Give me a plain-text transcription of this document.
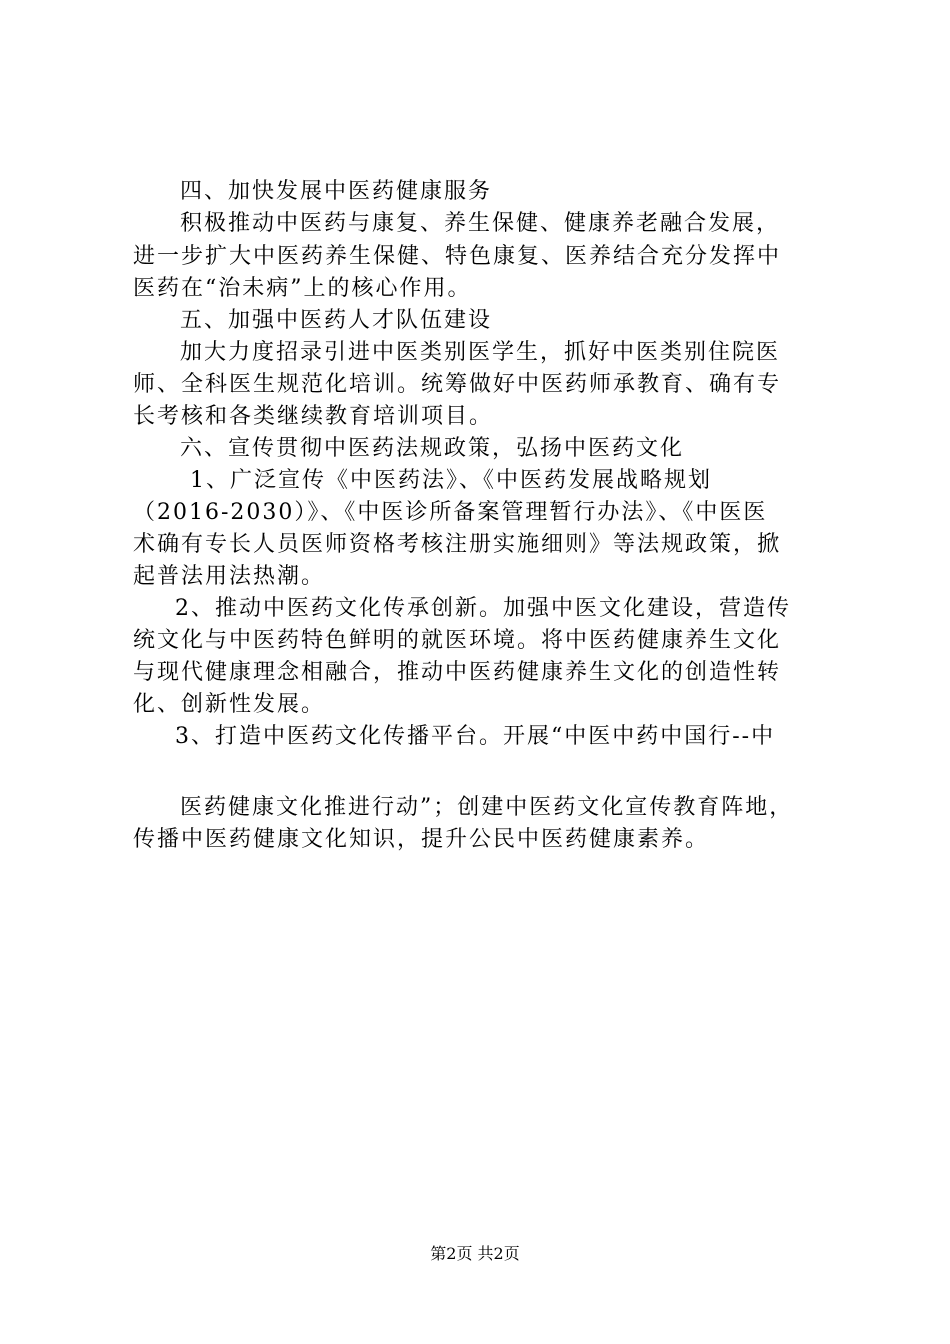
四、加快发展中医药健康服务
积极推动中医药与康复、养生保健、健康养老融合发展，
进一步扩大中医药养生保健、特色康复、医养结合充分发挥中
医药在“治未病”上的核心作用。
五、加强中医药人才队伍建设
加大力度招录引进中医类别医学生，抓好中医类别住院医
师、全科医生规范化培训。统筹做好中医药师承教育、确有专
长考核和各类继续教育培训项目。
六、宣传贯彻中医药法规政策，弘扬中医药文化
1、广泛宣传《中医药法》、《中医药发展战略规划
（2016-2030）》、《中医诊所备案管理暂行办法》、《中医医
术确有专长人员医师资格考核注册实施细则》等法规政策，掀
起普法用法热潮。
2、推动中医药文化传承创新。加强中医文化建设，营造传
统文化与中医药特色鲜明的就医环境。将中医药健康养生文化
与现代健康理念相融合，推动中医药健康养生文化的创造性转
化、创新性发展。
3、打造中医药文化传播平台。开展“中医中药中国行--中
医药健康文化推进行动”；创建中医药文化宣传教育阵地，
传播中医药健康文化知识，提升公民中医药健康素养。
第2页 共2页
